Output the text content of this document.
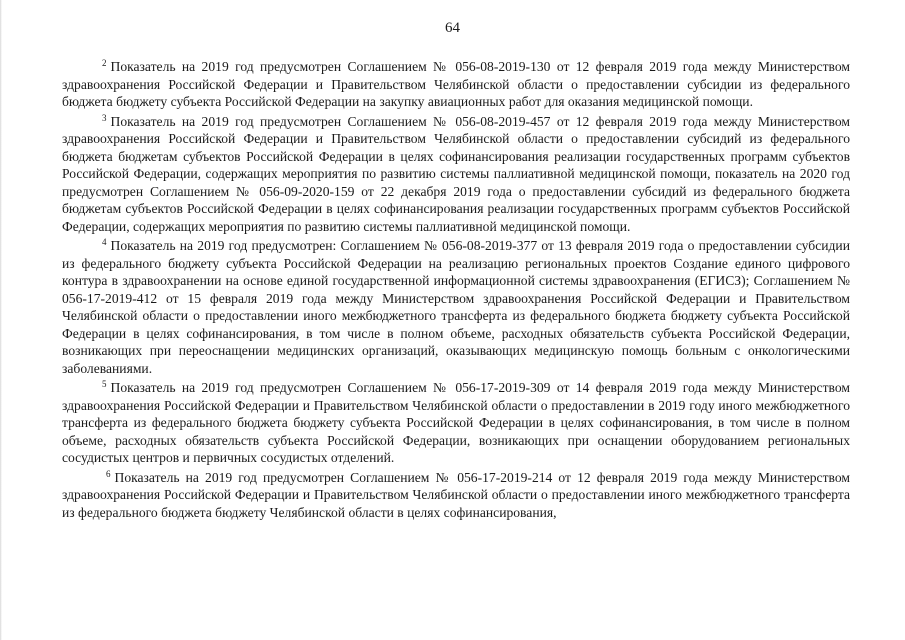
64

$^2$ Показатель на 2019 год предусмотрен Соглашением № 056-08-2019-130 от 12 февраля 2019 года между Министерством здравоохранения Российской Федерации и Правительством Челябинской области о предоставлении субсидии из федерального бюджета бюджету субъекта Российской Федерации на закупку авиационных работ для оказания медицинской помощи.

$^3$ Показатель на 2019 год предусмотрен Соглашением № 056-08-2019-457 от 12 февраля 2019 года между Министерством здравоохранения Российской Федерации и Правительством Челябинской области о предоставлении субсидий из федерального бюджета бюджетам субъектов Российской Федерации в целях софинансирования реализации государственных программ субъектов Российской Федерации, содержащих мероприятия по развитию системы паллиативной медицинской помощи, показатель на 2020 год предусмотрен Соглашением № 056-09-2020-159 от 22 декабря 2019 года о предоставлении субсидий из федерального бюджета бюджетам субъектов Российской Федерации в целях софинансирования реализации государственных программ субъектов Российской Федерации, содержащих мероприятия по развитию системы паллиативной медицинской помощи.

$^4$ Показатель на 2019 год предусмотрен: Соглашением № 056-08-2019-377 от 13 февраля 2019 года о предоставлении субсидии из федерального бюджету субъекта Российской Федерации на реализацию региональных проектов Создание единого цифрового контура в здравоохранении на основе единой государственной информационной системы здравоохранения (ЕГИСЗ); Соглашением № 056-17-2019-412 от 15 февраля 2019 года между Министерством здравоохранения Российской Федерации и Правительством Челябинской области о предоставлении иного межбюджетного трансферта из федерального бюджета бюджету субъекта Российской Федерации в целях софинансирования, в том числе в полном объеме, расходных обязательств субъекта Российской Федерации, возникающих при переоснащении медицинских организаций, оказывающих медицинскую помощь больным с онкологическими заболеваниями.

$^5$ Показатель на 2019 год предусмотрен Соглашением № 056-17-2019-309 от 14 февраля 2019 года между Министерством здравоохранения Российской Федерации и Правительством Челябинской области о предоставлении в 2019 году иного межбюджетного трансферта из федерального бюджета бюджету субъекта Российской Федерации в целях софинансирования, в том числе в полном объеме, расходных обязательств субъекта Российской Федерации, возникающих при оснащении оборудованием региональных сосудистых центров и первичных сосудистых отделений.

$^6$ Показатель на 2019 год предусмотрен Соглашением № 056-17-2019-214 от 12 февраля 2019 года между Министерством здравоохранения Российской Федерации и Правительством Челябинской области о предоставлении иного межбюджетного трансферта из федерального бюджета бюджету Челябинской области в целях софинансирования,
